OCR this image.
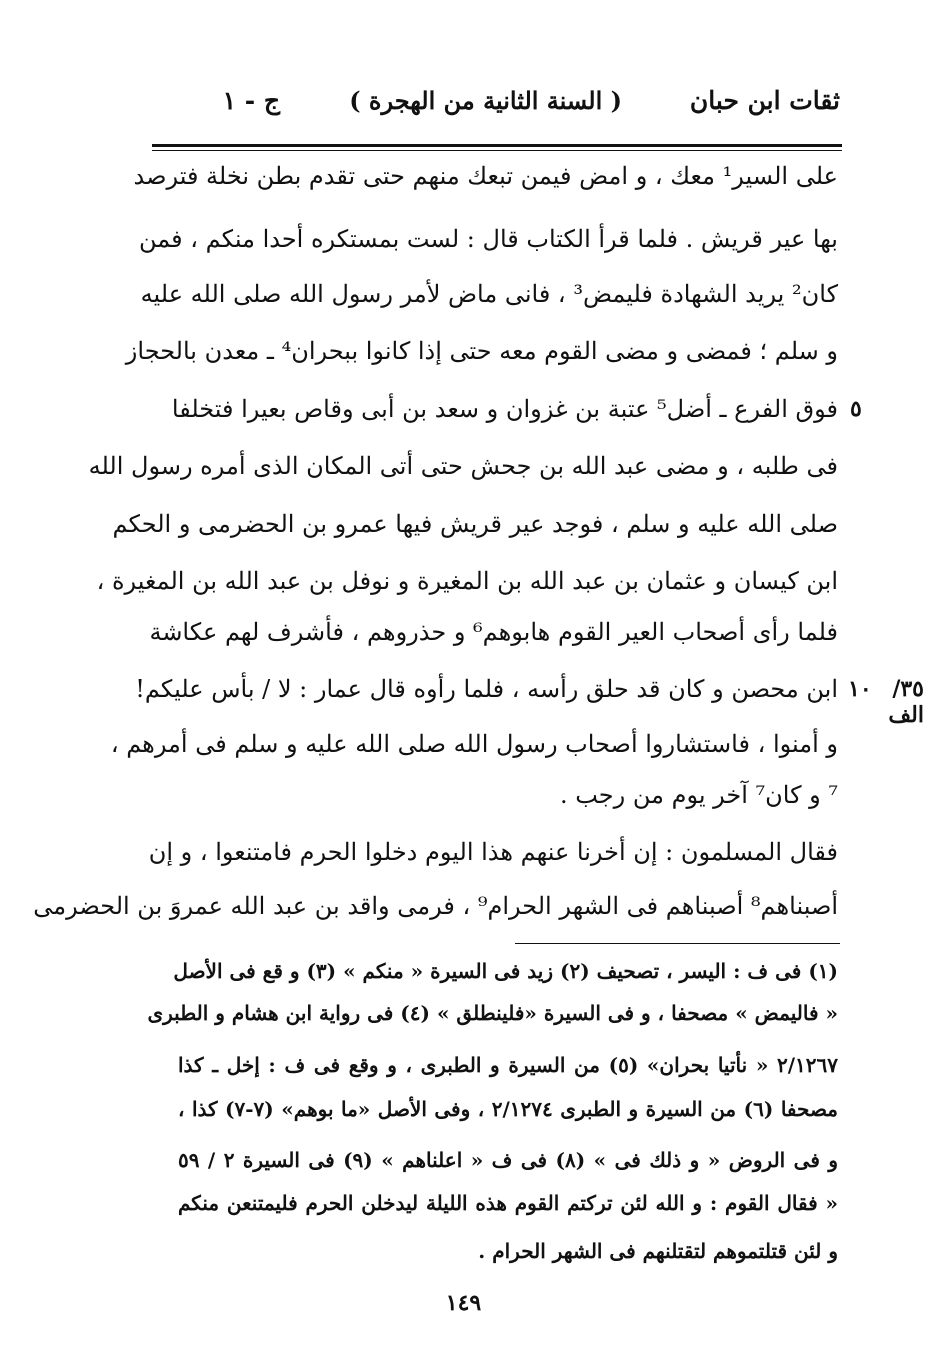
ثقات ابن حبان
( السنة الثانية من الهجرة )
ج - ١
على السير¹ معك ، و امض فيمن تبعك منهم حتى تقدم بطن نخلة فترصد
بها عير قريش . فلما قرأ الكتاب قال : لست بمستكره أحدا منكم ، فمن
كان² يريد الشهادة فليمض³ ، فانى ماض لأمر رسول الله صلى الله عليه
و سلم ؛ فمضى و مضى القوم معه حتى إذا كانوا ببحران⁴ ـ معدن بالحجاز
فوق الفرع ـ أضل⁵ عتبة بن غزوان و سعد بن أبى وقاص بعيرا فتخلفا
فى طلبه ، و مضى عبد الله بن جحش حتى أتى المكان الذى أمره رسول الله
صلى الله عليه و سلم ، فوجد عير قريش فيها عمرو بن الحضرمى و الحكم
ابن كيسان و عثمان بن عبد الله بن المغيرة و نوفل بن عبد الله بن المغيرة ،
فلما رأى أصحاب العير القوم هابوهم⁶ و حذروهم ، فأشرف لهم عكاشة
ابن محصن و كان قد حلق رأسه ، فلما رأوه قال عمار : لا / بأس عليكم!
و أمنوا ، فاستشاروا أصحاب رسول الله صلى الله عليه و سلم فى أمرهم ،
⁷ و كان⁷ آخر يوم من رجب .
فقال المسلمون : إن أخرنا عنهم هذا اليوم دخلوا الحرم فامتنعوا ، و إن
أصبناهم⁸ أصبناهم فى الشهر الحرام⁹ ، فرمى واقد بن عبد الله عمروَ بن الحضرمى
٥
١٠ ٣٥/ الف
(١) فى ف : اليسر ، تصحيف (٢) زيد فى السيرة « منكم » (٣) و قع فى الأصل
« فاليمض » مصحفا ، و فى السيرة «فلينطلق » (٤) فى رواية ابن هشام و الطبرى
٢/١٢٦٧ « نأتيا بحران» (٥) من السيرة و الطبرى ، و وقع فى ف : إخل ـ كذا
مصحفا (٦) من السيرة و الطبرى ٢/١٢٧٤ ، وفى الأصل «ما بوهم» (٧-٧) كذا ،
و فى الروض « و ذلك فى » (٨) فى ف « اعلناهم » (٩) فى السيرة ٢ / ٥٩
« فقال القوم : و الله لئن تركتم القوم هذه الليلة ليدخلن الحرم فليمتنعن منكم
و لئن قتلتموهم لتقتلنهم فى الشهر الحرام .
١٤٩
